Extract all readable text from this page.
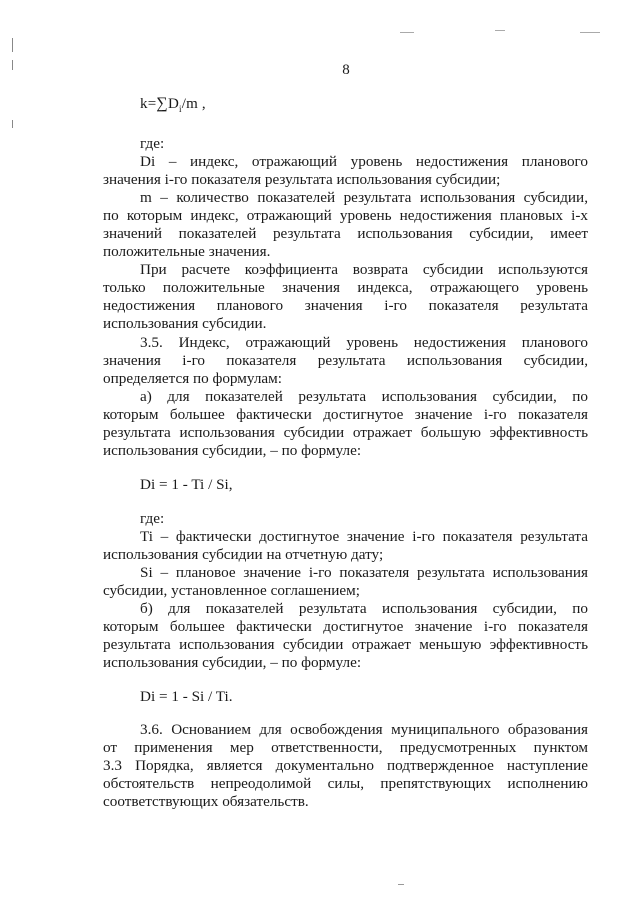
8
$k=\sum D_i/m$ ,
где:
Di – индекс, отражающий уровень недостижения планового
значения i-го показателя результата использования субсидии;
m – количество показателей результата использования субсидии,
по которым индекс, отражающий уровень недостижения плановых i-х
значений показателей результата использования субсидии, имеет
положительные значения.
При расчете коэффициента возврата субсидии используются
только положительные значения индекса, отражающего уровень
недостижения планового значения i-го показателя результата
использования субсидии.
3.5. Индекс, отражающий уровень недостижения планового
значения i-го показателя результата использования субсидии,
определяется по формулам:
а) для показателей результата использования субсидии, по
которым большее фактически достигнутое значение i-го показателя
результата использования субсидии отражает большую эффективность
использования субсидии, – по формуле:
Di = 1 - Ti / Si,
где:
Ti – фактически достигнутое значение i-го показателя результата
использования субсидии на отчетную дату;
Si – плановое значение i-го показателя результата использования
субсидии, установленное соглашением;
б) для показателей результата использования субсидии, по
которым большее фактически достигнутое значение i-го показателя
результата использования субсидии отражает меньшую эффективность
использования субсидии, – по формуле:
Di = 1 - Si / Ti.
3.6. Основанием для освобождения муниципального образования
от применения мер ответственности, предусмотренных пунктом
3.3 Порядка, является документально подтвержденное наступление
обстоятельств непреодолимой силы, препятствующих исполнению
соответствующих обязательств.
